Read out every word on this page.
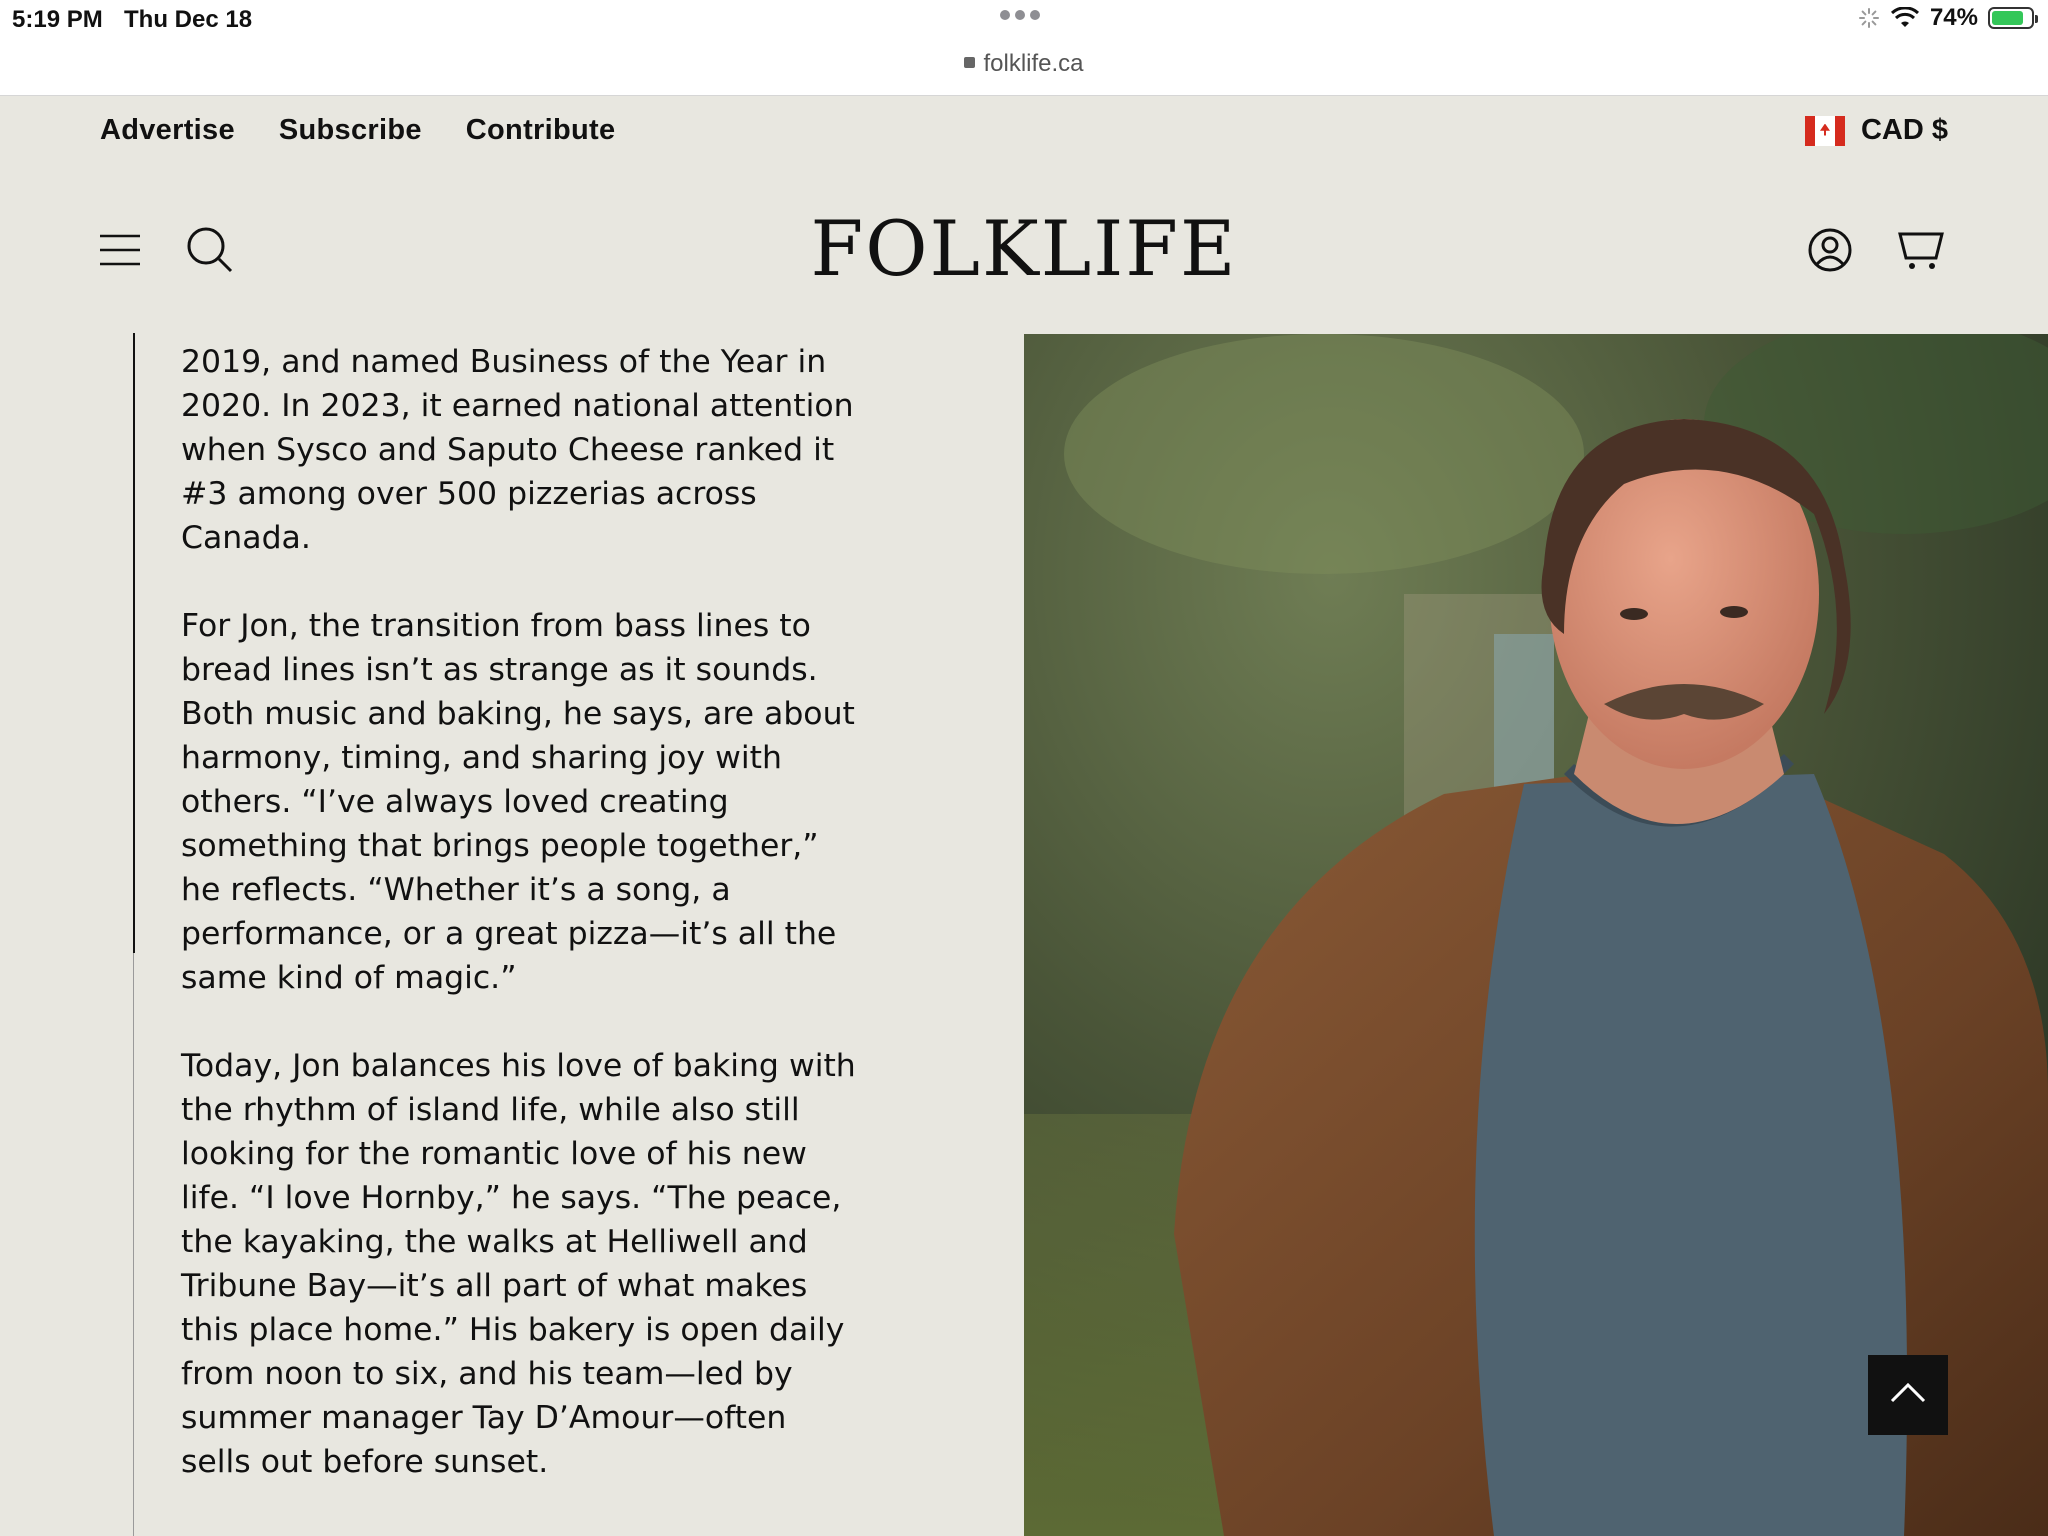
5:19 PM Thu Dec 18	74%
folklife.ca
Advertise Subscribe Contribute	CAD $
FOLKLIFE

2019, and named Business of the Year in 2020. In 2023, it earned national attention when Sysco and Saputo Cheese ranked it #3 among over 500 pizzerias across Canada.

For Jon, the transition from bass lines to bread lines isn’t as strange as it sounds. Both music and baking, he says, are about harmony, timing, and sharing joy with others. “I’ve always loved creating something that brings people together,” he reflects. “Whether it’s a song, a performance, or a great pizza—it’s all the same kind of magic.”

Today, Jon balances his love of baking with the rhythm of island life, while also still looking for the romantic love of his new life. “I love Hornby,” he says. “The peace, the kayaking, the walks at Helliwell and Tribune Bay—it’s all part of what makes this place home.” His bakery is open daily from noon to six, and his team—led by summer manager Tay D’Amour—often sells out before sunset.
